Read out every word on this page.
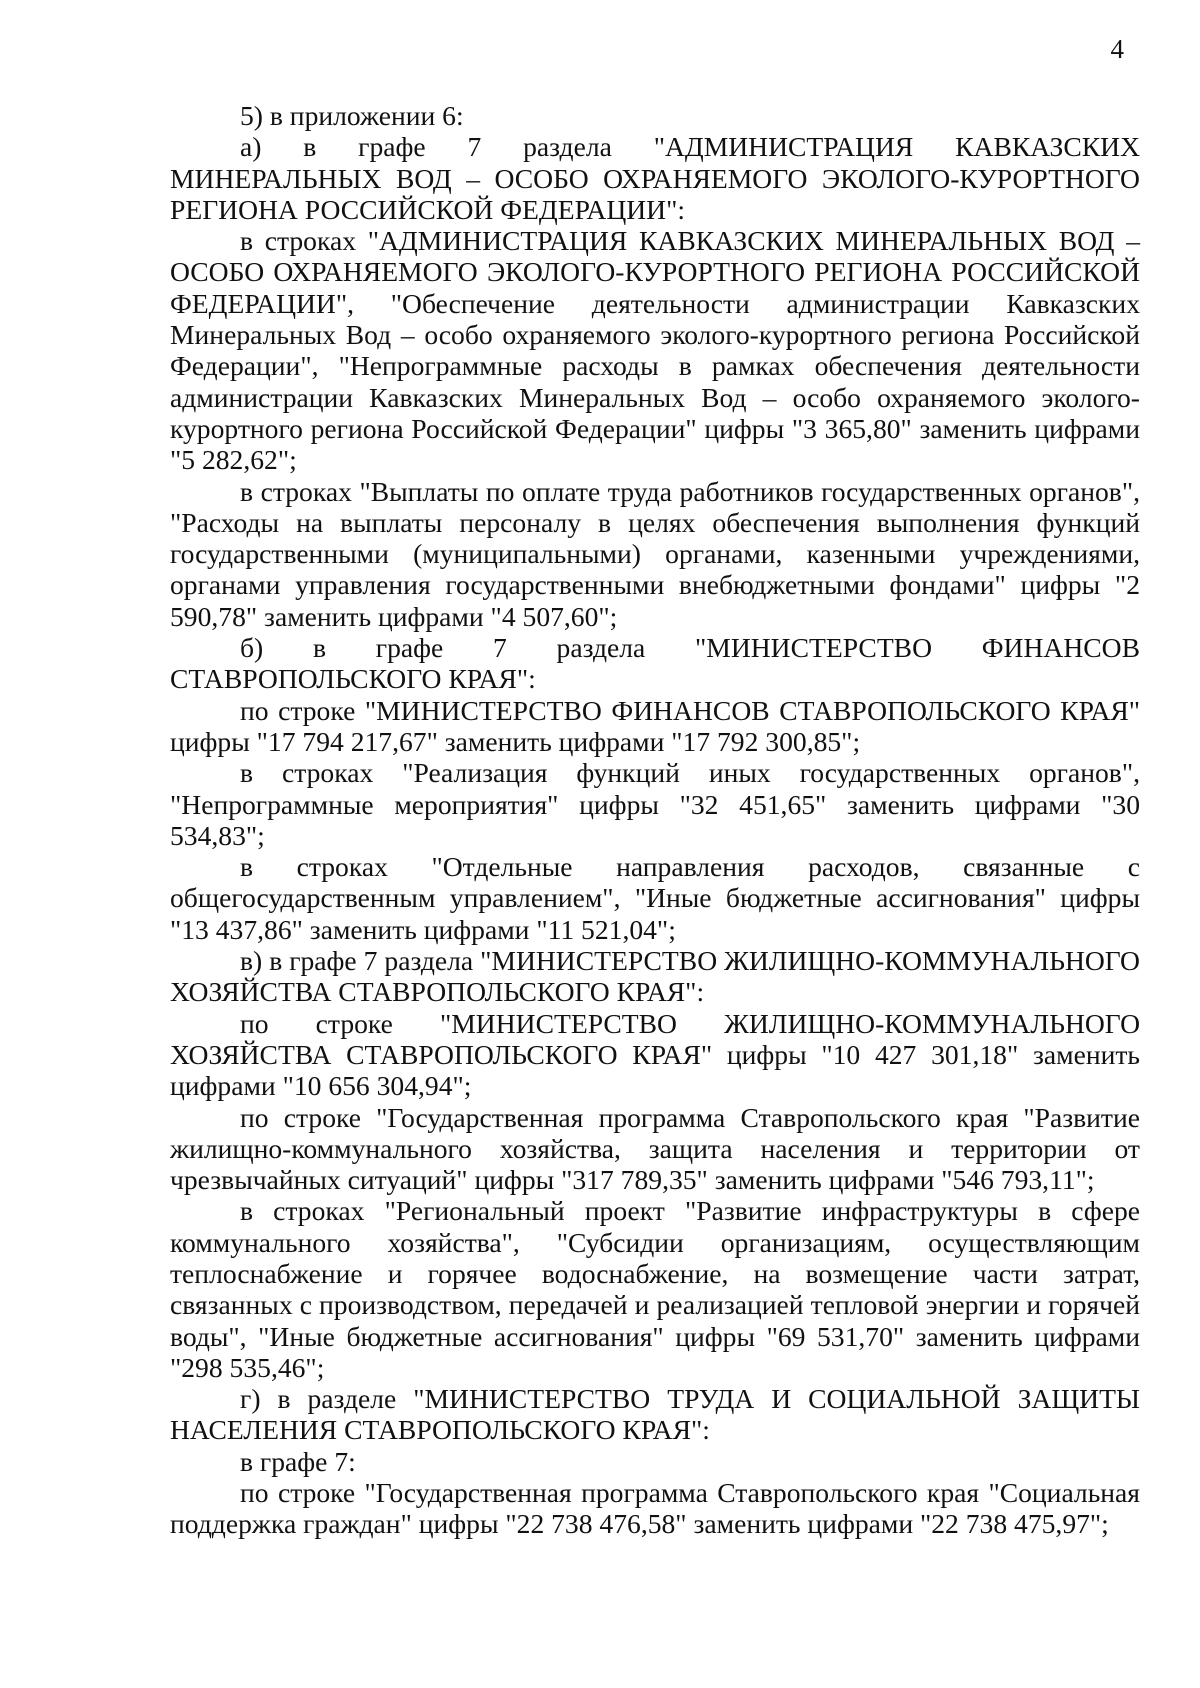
4

5) в приложении 6:

а) в графе 7 раздела "АДМИНИСТРАЦИЯ КАВКАЗСКИХ МИНЕРАЛЬНЫХ ВОД – ОСОБО ОХРАНЯЕМОГО ЭКОЛОГО-КУРОРТНОГО РЕГИОНА РОССИЙСКОЙ ФЕДЕРАЦИИ":

в строках "АДМИНИСТРАЦИЯ КАВКАЗСКИХ МИНЕРАЛЬНЫХ ВОД – ОСОБО ОХРАНЯЕМОГО ЭКОЛОГО-КУРОРТНОГО РЕГИОНА РОССИЙСКОЙ ФЕДЕРАЦИИ", "Обеспечение деятельности администрации Кавказских Минеральных Вод – особо охраняемого эколого-курортного региона Российской Федерации", "Непрограммные расходы в рамках обеспечения деятельности администрации Кавказских Минеральных Вод – особо охраняемого эколого-курортного региона Российской Федерации" цифры "3 365,80" заменить цифрами "5 282,62";

в строках "Выплаты по оплате труда работников государственных органов", "Расходы на выплаты персоналу в целях обеспечения выполнения функций государственными (муниципальными) органами, казенными учреждениями, органами управления государственными внебюджетными фондами" цифры "2 590,78" заменить цифрами "4 507,60";

б) в графе 7 раздела "МИНИСТЕРСТВО ФИНАНСОВ СТАВРОПОЛЬСКОГО КРАЯ":

по строке "МИНИСТЕРСТВО ФИНАНСОВ СТАВРОПОЛЬСКОГО КРАЯ" цифры "17 794 217,67" заменить цифрами "17 792 300,85";

в строках "Реализация функций иных государственных органов", "Непрограммные мероприятия" цифры "32 451,65" заменить цифрами "30 534,83";

в строках "Отдельные направления расходов, связанные с общегосударственным управлением", "Иные бюджетные ассигнования" цифры "13 437,86" заменить цифрами "11 521,04";

в) в графе 7 раздела "МИНИСТЕРСТВО ЖИЛИЩНО-КОММУНАЛЬНОГО ХОЗЯЙСТВА СТАВРОПОЛЬСКОГО КРАЯ":

по строке "МИНИСТЕРСТВО ЖИЛИЩНО-КОММУНАЛЬНОГО ХОЗЯЙСТВА СТАВРОПОЛЬСКОГО КРАЯ" цифры "10 427 301,18" заменить цифрами "10 656 304,94";

по строке "Государственная программа Ставропольского края "Развитие жилищно-коммунального хозяйства, защита населения и территории от чрезвычайных ситуаций" цифры "317 789,35" заменить цифрами "546 793,11";

в строках "Региональный проект "Развитие инфраструктуры в сфере коммунального хозяйства", "Субсидии организациям, осуществляющим теплоснабжение и горячее водоснабжение, на возмещение части затрат, связанных с производством, передачей и реализацией тепловой энергии и горячей воды", "Иные бюджетные ассигнования" цифры "69 531,70" заменить цифрами "298 535,46";

г) в разделе "МИНИСТЕРСТВО ТРУДА И СОЦИАЛЬНОЙ ЗАЩИТЫ НАСЕЛЕНИЯ СТАВРОПОЛЬСКОГО КРАЯ":

в графе 7:

по строке "Государственная программа Ставропольского края "Социальная поддержка граждан" цифры "22 738 476,58" заменить цифрами "22 738 475,97";
